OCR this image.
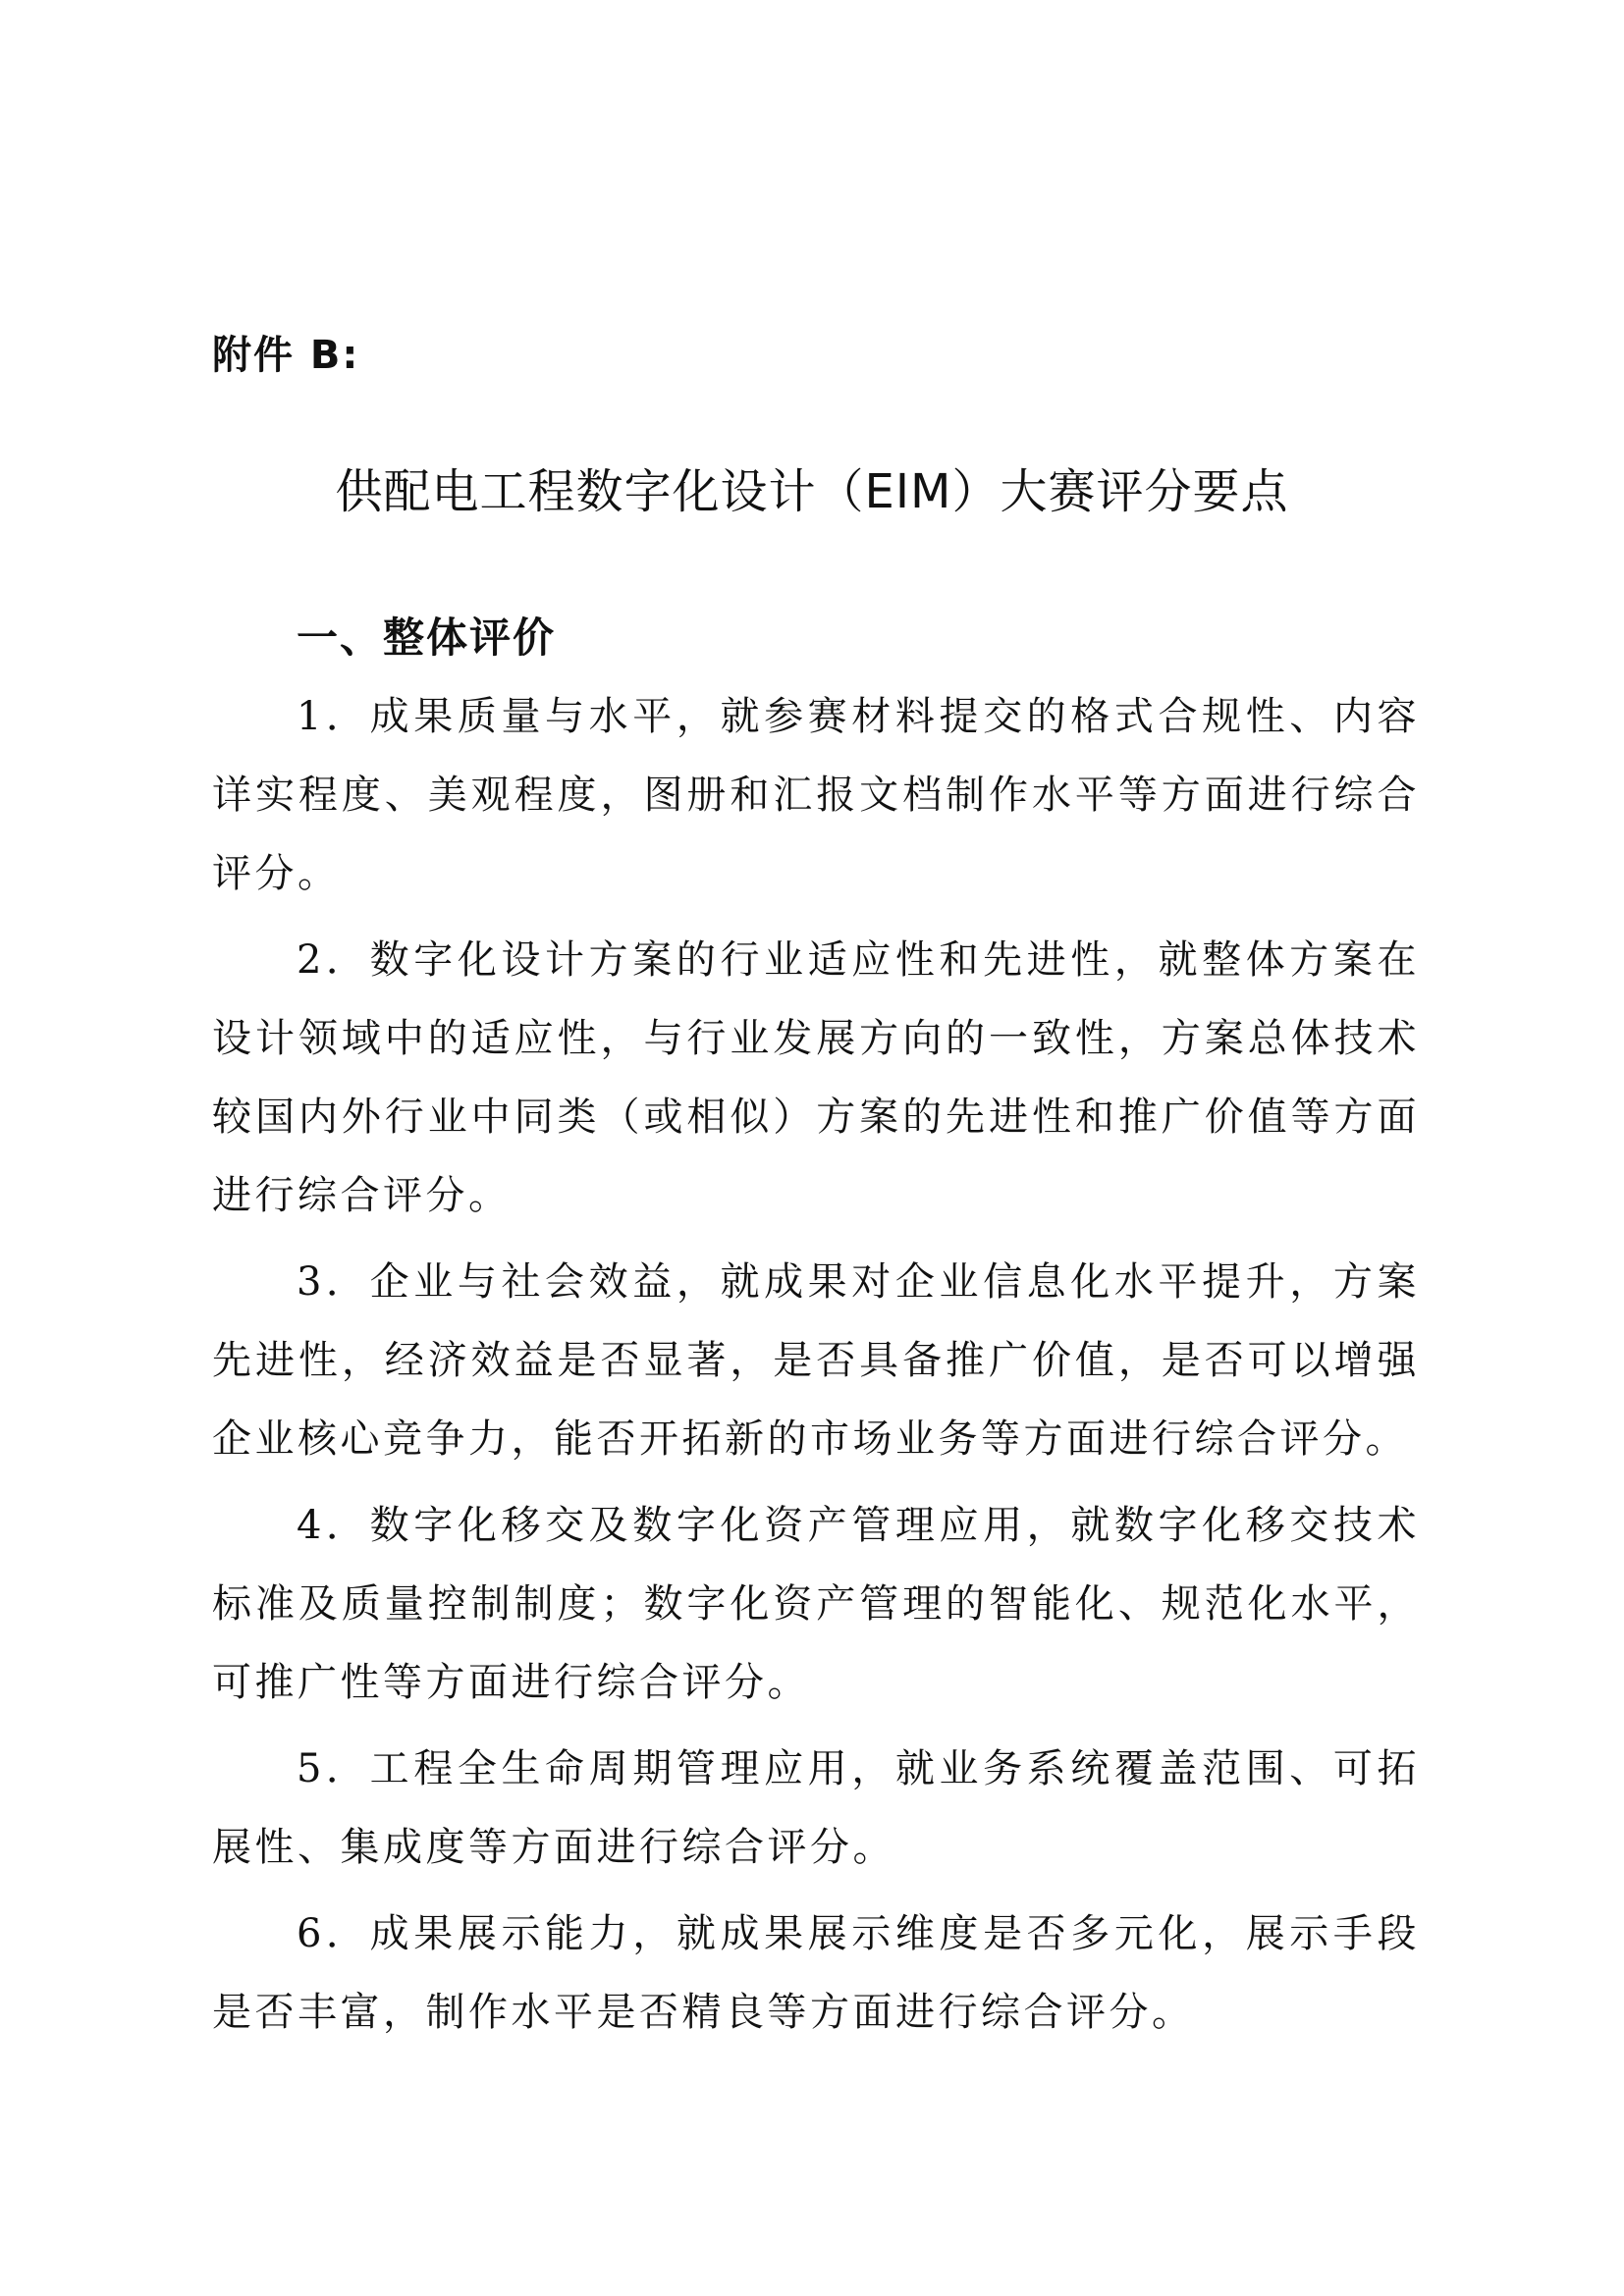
附件 B:
供配电工程数字化设计（EIM）大赛评分要点
一、整体评价

1．成果质量与水平，就参赛材料提交的格式合规性、内容详实程度、美观程度，图册和汇报文档制作水平等方面进行综合评分。

2．数字化设计方案的行业适应性和先进性，就整体方案在设计领域中的适应性，与行业发展方向的一致性，方案总体技术较国内外行业中同类（或相似）方案的先进性和推广价值等方面进行综合评分。

3．企业与社会效益，就成果对企业信息化水平提升，方案先进性，经济效益是否显著，是否具备推广价值，是否可以增强企业核心竞争力，能否开拓新的市场业务等方面进行综合评分。

4．数字化移交及数字化资产管理应用，就数字化移交技术标准及质量控制制度；数字化资产管理的智能化、规范化水平，可推广性等方面进行综合评分。

5．工程全生命周期管理应用，就业务系统覆盖范围、可拓展性、集成度等方面进行综合评分。

6．成果展示能力，就成果展示维度是否多元化，展示手段是否丰富，制作水平是否精良等方面进行综合评分。
